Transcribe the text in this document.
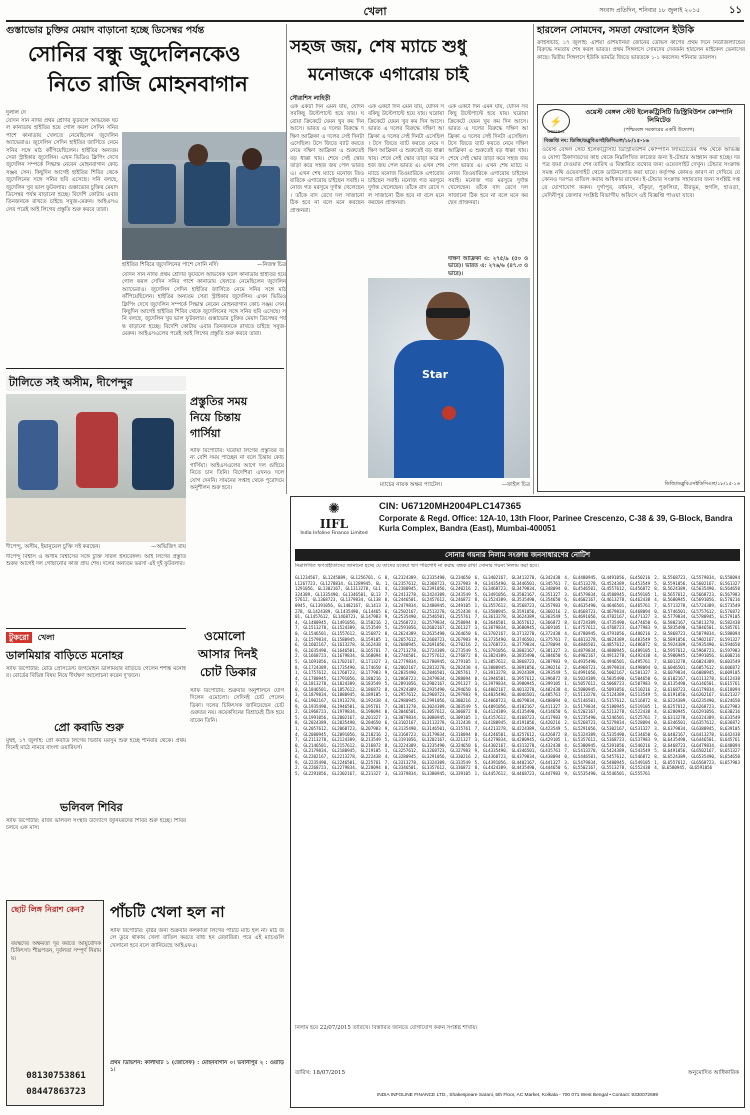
খেলা	সংবাদ প্রতিদিন, শনিবার ১৮ জুলাই ২০১৫	১১
গুস্তাভোর চুক্তির মেয়াদ বাড়ানো হচ্ছে ডিসেম্বর পর্যন্ত
সোনির বন্ধু জুদেলিনকেও
নিতে রাজি মোহনবাগান
দুলাল দে
যেদিন সনি নর্দির প্রথম শ্রেণির ফুটবলে অভিষেক ঘটল কানাডায় হাইতির হয়ে গোল করল সেদিন সনির পাশে কানাডায় খেলতে নেমেছিলেন জুদেলিন অ্যাভেরাও। জুদেলিন সেদিন হাইতির জার্সিতে নেমে সনির সঙ্গে মাঠ কাঁপিয়েছিলেন। হাইতির অন্যতম সেরা স্ট্রাইকার জুদেলিন। এখন ভিডিও ক্লিপিং দেখে জুদেলিন সম্পর্কে সিদ্ধান্ত নেবেন মোহনবাগান কোচ সঞ্জয় সেন। কিছুদিন আগেই হাইতির শিবির থেকে জুদেলিনের সঙ্গে সনির ছবি এসেছে। সনি বলছে, জুদেলিন খুব ভাল ফুটবলার। গুস্তাভোর চুক্তির মেয়াদ ডিসেম্বর পর্যন্ত বাড়ানো হচ্ছে। বিদেশি কোটায় এবার তিনজনকে রাখতে চাইছে সবুজ-মেরুন। আইএসএলের পরেই আই লিগের প্রস্তুতি শুরু করবে তারা।
হাইতির শিবিরে জুদেলিনের পাশে সোনি নর্দি।	—নিজস্ব চিত্র
যেদিন সনি নর্দির প্রথম শ্রেণির ফুটবলে অভিষেক ঘটল কানাডায় হাইতির হয়ে গোল করল সেদিন সনির পাশে কানাডায় খেলতে নেমেছিলেন জুদেলিন অ্যাভেরাও। জুদেলিন সেদিন হাইতির জার্সিতে নেমে সনির সঙ্গে মাঠ কাঁপিয়েছিলেন। হাইতির অন্যতম সেরা স্ট্রাইকার জুদেলিন। এখন ভিডিও ক্লিপিং দেখে জুদেলিন সম্পর্কে সিদ্ধান্ত নেবেন মোহনবাগান কোচ সঞ্জয় সেন। কিছুদিন আগেই হাইতির শিবির থেকে জুদেলিনের সঙ্গে সনির ছবি এসেছে। সনি বলছে, জুদেলিন খুব ভাল ফুটবলার। গুস্তাভোর চুক্তির মেয়াদ ডিসেম্বর পর্যন্ত বাড়ানো হচ্ছে। বিদেশি কোটায় এবার তিনজনকে রাখতে চাইছে সবুজ-মেরুন। আইএসএলের পরেই আই লিগের প্রস্তুতি শুরু করবে তারা।
সহজ জয়, শেষ ম্যাচে শুধু
মনোজকে এগারোয় চাই
সৌরাশিস লাহিড়ী
এক একটা দিন এমন যায়, যেদিন সবকিছু উল্টেপাল্টে হয়ে যায়। ঘরোয়া ক্রিকেটে যেমন খুব কম দিন আসে। ভারত এ দলের বিরুদ্ধে দক্ষিণ আফ্রিকা এ দলের সেই দিনটা এসেছিল। টসে জিতে ব্যাট করতে নেমে দক্ষিণ আফ্রিকা এ শুরুতেই বড় ধাক্কা খায়। শেষে সেই স্কোর তাড়া করে সহজ জয় পেল ভারত এ। এখন শেষ ম্যাচে মনোজ তিওয়ারিকে এগারোয় চাইছেন সবাই। মনোজ গত মরসুমে দুর্দান্ত খেলেছেন। তাঁকে বাদ রেখে দল সাজানো ঠিক হবে না বলে মনে করছেন প্রাক্তনরা।
এক একটা দিন এমন যায়, যেদিন সবকিছু উল্টেপাল্টে হয়ে যায়। ঘরোয়া ক্রিকেটে যেমন খুব কম দিন আসে। ভারত এ দলের বিরুদ্ধে দক্ষিণ আফ্রিকা এ দলের সেই দিনটা এসেছিল। টসে জিতে ব্যাট করতে নেমে দক্ষিণ আফ্রিকা এ শুরুতেই বড় ধাক্কা খায়। শেষে সেই স্কোর তাড়া করে সহজ জয় পেল ভারত এ। এখন শেষ ম্যাচে মনোজ তিওয়ারিকে এগারোয় চাইছেন সবাই। মনোজ গত মরসুমে দুর্দান্ত খেলেছেন। তাঁকে বাদ রেখে দল সাজানো ঠিক হবে না বলে মনে করছেন প্রাক্তনরা।
দক্ষিণ আফ্রিকা এ: ২৭৫/৯ (৫০ ওভারে)। ভারত এ: ২৭৬/৬ (৪৭.৩ ওভারে)।
এক একটা দিন এমন যায়, যেদিন সবকিছু উল্টেপাল্টে হয়ে যায়। ঘরোয়া ক্রিকেটে যেমন খুব কম দিন আসে। ভারত এ দলের বিরুদ্ধে দক্ষিণ আফ্রিকা এ দলের সেই দিনটা এসেছিল। টসে জিতে ব্যাট করতে নেমে দক্ষিণ আফ্রিকা এ শুরুতেই বড় ধাক্কা খায়। শেষে সেই স্কোর তাড়া করে সহজ জয় পেল ভারত এ। এখন শেষ ম্যাচে মনোজ তিওয়ারিকে এগারোয় চাইছেন সবাই। মনোজ গত মরসুমে দুর্দান্ত খেলেছেন। তাঁকে বাদ রেখে দল সাজানো ঠিক হবে না বলে মনে করছেন প্রাক্তনরা।
Star
ম্যাচের নায়ক অক্ষর প্যাটেল।	—ফাইল চিত্র
হারলেন সোমদেব, সমতা ফেরালেন ইউকি
ক্রাইস্টচার্চ, ১৭ জুলাই: এশিয়া ওশিয়ানিয়া জোনের ডেভিস কাপের প্রথম দিনে নিউজিল্যান্ডের বিরুদ্ধে সমতায় শেষ করল ভারত। প্রথম সিঙ্গলসে সোমদেব দেববর্মন হারলেন মাইকেল ভেনাসের কাছে। দ্বিতীয় সিঙ্গলসে ইউকি ভামব্রি জিতে ভারতকে ১-১ করলেন। শনিবার ডাবলস।
⚡
WBSEDCL
ওয়েস্ট বেঙ্গল স্টেট ইলেকট্রিসিটি ডিস্ট্রিবিউশন কোম্পানি লিমিটেড
(পশ্চিমবঙ্গ সরকারের একটি উদ্যোগ)
বিজ্ঞপ্তি নং: ডিজি/ডব্লুবিএসইডিসিএল/১৮/১৫-১৬
ওয়েস্ট বেঙ্গল স্টেট ইলেকট্রিসিটি ডিস্ট্রিবিউশন কোম্পানি লিমিটেডের পক্ষ থেকে অভিজ্ঞ ও যোগ্য ঠিকাদারদের কাছ থেকে নিম্নলিখিত কাজের জন্য ই-টেন্ডার আহ্বান করা হচ্ছে। দরপত্র জমা দেওয়ার শেষ তারিখ ও বিস্তারিত তথ্যের জন্য ওয়েবসাইট দেখুন। টেন্ডার সংক্রান্ত সমস্ত নথি ওয়েবসাইট থেকে ডাউনলোড করা যাবে। কর্তৃপক্ষ কোনও কারণ না দেখিয়ে যে কোনও দরপত্র বাতিল করার অধিকার রাখেন। ই-টেন্ডার সংক্রান্ত সহায়তার জন্য সংশ্লিষ্ট দপ্তরে যোগাযোগ করুন। দুর্গাপুর, বর্ধমান, বাঁকুড়া, পুরুলিয়া, বীরভূম, হুগলি, হাওড়া, মেদিনীপুর জেলার সংশ্লিষ্ট বিভাগীয় অফিসে এই বিজ্ঞপ্তি পাওয়া যাবে।
ডিজি/ডব্লুবিএসইডিসিএল/১৮/১৫-১৬
টালিতে সই অসীম, দীপেন্দুর
দীপেন্দু, অসীম, ইমানুয়েল চুক্তি সই করছেন।	—অভিজিৎ রায়
দীপেন্দু বিশ্বাস ও অসীম বিশ্বাসের সঙ্গে চুক্তি সারল ইস্টবেঙ্গল। আই লিগের প্রস্তুতি শুরুর আগেই দল গোছানোর কাজ প্রায় শেষ। দলের অন্যতম ভরসা এই দুই ফুটবলার।
প্রস্তুতির সময়
নিয়ে চিন্তায়
গার্সিয়া
স্টাফ রিপোর্টার: ঘরোয়া লিগের প্রস্তুতির জন্য বেশি সময় পাচ্ছেন না বলে চিন্তায় কোচ গার্সিয়া। আইএসএলের আগে দল গুছিয়ে নিতে চান তিনি। বিদেশিরা এখনও দলে যোগ দেননি। সামনের সপ্তাহ থেকে পুরোদমে অনুশীলন শুরু হবে।
টুকরো খেলা
ডালমিয়ার বাড়িতে মনোহর
স্টাফ রিপোর্টার: বোর্ড প্রেসিডেন্ট জগমোহন ডালমিয়ার বাড়িতে গেলেন শশাঙ্ক মনোহর। বোর্ডের বিভিন্ন বিষয় নিয়ে দীর্ঘক্ষণ আলোচনা করেন দু'জনে।
প্রো কবাডি শুরু
মুম্বই, ১৭ জুলাই: প্রো কবাডি লিগের দ্বিতীয় মরসুম শুরু হচ্ছে শনিবার থেকে। প্রথম দিনেই মাঠে নামবে বাংলা ওয়ারিয়র্স।
ভলিবল শিবির
স্টাফ রিপোর্টার: রাজ্য ভলিবল সংস্থার উদ্যোগে জুনিয়রদের শিবির শুরু হচ্ছে। শিবির চলবে এক মাস।
ওমোলো
আসার দিনই
চোট ডিকার
স্টাফ রিপোর্টার: শুক্রবার অনুশীলনে যোগ দিলেন ওমোলো। সেদিনই চোট পেলেন ডিকা। দলের চিকিৎসক জানিয়েছেন চোট গুরুতর নয়। কয়েকদিনের বিশ্রামেই ঠিক হয়ে যাবেন তিনি।
ছোট লিঙ্গ নিরাশ কেন?
বয়স্কদের অক্ষমতা দূর করতে আয়ুর্বেদিক চিকিৎসা। শীঘ্রপতন, দুর্বলতা সম্পূর্ণ নিরাময়।
08130753861
08447863723
পাঁচটি খেলা হল না
স্টাফ রিপোর্টার: বৃষ্টির জন্য শুক্রবার কলকাতা লিগের পাঁচটি ম্যাচ হল না। মাঠ জলে ডুবে থাকায় খেলা বাতিল করতে বাধ্য হন রেফারিরা। পরে এই ম্যাচগুলি খেলানো হবে বলে জানিয়েছে আইএফএ।
প্রথম ডিভিশন: কালীঘাট ১ (জোসেফ) : মোহনবাগান ০। ভবানীপুর ২ : ওয়াড়ি ১।
✺
IIFL
India Infoline Finance Limited
CIN: U67120MH2004PLC147365
Corporate & Regd. Office: 12A-10, 13th Floor, Parinee Crescenzo, C-38 & 39, G-Block, Bandra Kurla Complex, Bandra (East), Mumbai-400051
সোনার গয়নার নিলাম সংক্রান্ত জনসাধারণের নোটিশ
নিম্নলিখিত ঋণগ্রহীতাদের জানানো হচ্ছে যে তাদের বকেয়া ঋণ পরিশোধ না করায় বন্ধক রাখা সোনার গয়না নিলাম করা হবে।
GL1234567, GL1245889, GL1256701, GL1267723, GL1278834, GL1289945, GL1291056, GL1302167, GL1313278, GL1324389, GL1335490, GL1346501, GL1357612, GL1368723, GL1379834, GL1380945, GL1391056, GL1402167, GL1413278, GL1424389, GL1435490, GL1446501, GL1457612, GL1468723, GL1479834, GL1480945, GL1491056, GL1502167, GL1513278, GL1524389, GL1535490, GL1546501, GL1557612, GL1568723, GL1579834, GL1580945, GL1591056, GL1602167, GL1613278, GL1624389, GL1635490, GL1646501, GL1657612, GL1668723, GL1679834, GL1680945, GL1691056, GL1702167, GL1713278, GL1724389, GL1735490, GL1746501, GL1757612, GL1768723, GL1779834, GL1780945, GL1791056, GL1802167, GL1813278, GL1824389, GL1835490, GL1846501, GL1857612, GL1868723, GL1879834, GL1880945, GL1891056, GL1902167, GL1913278, GL1924389, GL1935490, GL1946501, GL1957612, GL1968723, GL1979834, GL1980945, GL1991056, GL2002167, GL2013278, GL2024389, GL2035490, GL2046501, GL2057612, GL2068723, GL2079834, GL2080945, GL2091056, GL2102167, GL2113278, GL2124389, GL2135490, GL2146501, GL2157612, GL2168723, GL2179834, GL2180945, GL2191056, GL2202167, GL2213278, GL2224389, GL2235490, GL2246501, GL2257612, GL2268723, GL2279834, GL2280945, GL2291056, GL2302167, GL2313278, GL2324389, GL2335490, GL2346501, GL2357612, GL2368723, GL2379834, GL2380945, GL2391056, GL2402167, GL2413278, GL2424389, GL2435490, GL2446501, GL2457612, GL2468723, GL2479834, GL2480945, GL2491056, GL2502167, GL2513278, GL2524389, GL2535490, GL2546501, GL2557612, GL2568723, GL2579834, GL2580945, GL2591056, GL2602167, GL2613278, GL2624389, GL2635490, GL2646501, GL2657612, GL2668723, GL2679834, GL2680945, GL2691056, GL2702167, GL2713278, GL2724389, GL2735490, GL2746501, GL2757612, GL2768723, GL2779834, GL2780945, GL2791056, GL2802167, GL2813278, GL2824389, GL2835490, GL2846501, GL2857612, GL2868723, GL2879834, GL2880945, GL2891056, GL2902167, GL2913278, GL2924389, GL2935490, GL2946501, GL2957612, GL2968723, GL2979834, GL2980945, GL2991056, GL3002167, GL3013278, GL3024389, GL3035490, GL3046501, GL3057612, GL3068723, GL3079834, GL3080945, GL3091056, GL3102167, GL3113278, GL3124389, GL3135490, GL3146501, GL3157612, GL3168723, GL3179834, GL3180945, GL3191056, GL3202167, GL3213278, GL3224389, GL3235490, GL3246501, GL3257612, GL3268723, GL3279834, GL3280945, GL3291056, GL3302167, GL3313278, GL3324389, GL3335490, GL3346501, GL3357612, GL3368723, GL3379834, GL3380945, GL3391056, GL3402167, GL3413278, GL3424389, GL3435490, GL3446501, GL3457612, GL3468723, GL3479834, GL3480945, GL3491056, GL3502167, GL3513278, GL3524389, GL3535490, GL3546501, GL3557612, GL3568723, GL3579834, GL3580945, GL3591056, GL3602167, GL3613278, GL3624389, GL3635490, GL3646501, GL3657612, GL3668723, GL3679834, GL3680945, GL3691056, GL3702167, GL3713278, GL3724389, GL3735490, GL3746501, GL3757612, GL3768723, GL3779834, GL3780945, GL3791056, GL3802167, GL3813278, GL3824389, GL3835490, GL3846501, GL3857612, GL3868723, GL3879834, GL3880945, GL3891056, GL3902167, GL3913278, GL3924389, GL3935490, GL3946501, GL3957612, GL3968723, GL3979834, GL3980945, GL3991056, GL4002167, GL4013278, GL4024389, GL4035490, GL4046501, GL4057612, GL4068723, GL4079834, GL4080945, GL4091056, GL4102167, GL4113278, GL4124389, GL4135490, GL4146501, GL4157612, GL4168723, GL4179834, GL4180945, GL4191056, GL4202167, GL4213278, GL4224389, GL4235490, GL4246501, GL4257612, GL4268723, GL4279834, GL4280945, GL4291056, GL4302167, GL4313278, GL4324389, GL4335490, GL4346501, GL4357612, GL4368723, GL4379834, GL4380945, GL4391056, GL4402167, GL4413278, GL4424389, GL4435490, GL4446501, GL4457612, GL4468723, GL4479834, GL4480945, GL4491056, GL4502167, GL4513278, GL4524389, GL4535490, GL4546501, GL4557612, GL4568723, GL4579834, GL4580945, GL4591056, GL4602167, GL4613278, GL4624389, GL4635490, GL4646501, GL4657612, GL4668723, GL4679834, GL4680945, GL4691056, GL4702167, GL4713278, GL4724389, GL4735490, GL4746501, GL4757612, GL4768723, GL4779834, GL4780945, GL4791056, GL4802167, GL4813278, GL4824389, GL4835490, GL4846501, GL4857612, GL4868723, GL4879834, GL4880945, GL4891056, GL4902167, GL4913278, GL4924389, GL4935490, GL4946501, GL4957612, GL4968723, GL4979834, GL4980945, GL4991056, GL5002167, GL5013278, GL5024389, GL5035490, GL5046501, GL5057612, GL5068723, GL5079834, GL5080945, GL5091056, GL5102167, GL5113278, GL5124389, GL5135490, GL5146501, GL5157612, GL5168723, GL5179834, GL5180945, GL5191056, GL5202167, GL5213278, GL5224389, GL5235490, GL5246501, GL5257612, GL5268723, GL5279834, GL5280945, GL5291056, GL5302167, GL5313278, GL5324389, GL5335490, GL5346501, GL5357612, GL5368723, GL5379834, GL5380945, GL5391056, GL5402167, GL5413278, GL5424389, GL5435490, GL5446501, GL5457612, GL5468723, GL5479834, GL5480945, GL5491056, GL5502167, GL5513278, GL5524389, GL5535490, GL5546501, GL5557612, GL5568723, GL5579834, GL5580945, GL5591056, GL5602167, GL5613278, GL5624389, GL5635490, GL5646501, GL5657612, GL5668723, GL5679834, GL5680945, GL5691056, GL5702167, GL5713278, GL5724389, GL5735490, GL5746501, GL5757612, GL5768723, GL5779834, GL5780945, GL5791056, GL5802167, GL5813278, GL5824389, GL5835490, GL5846501, GL5857612, GL5868723, GL5879834, GL5880945, GL5891056, GL5902167, GL5913278, GL5924389, GL5935490, GL5946501, GL5957612, GL5968723, GL5979834, GL5980945, GL5991056, GL6002167, GL6013278, GL6024389, GL6035490, GL6046501, GL6057612, GL6068723, GL6079834, GL6080945, GL6091056, GL6102167, GL6113278, GL6124389, GL6135490, GL6146501, GL6157612, GL6168723, GL6179834, GL6180945, GL6191056, GL6202167, GL6213278, GL6224389, GL6235490, GL6246501, GL6257612, GL6268723, GL6279834, GL6280945, GL6291056, GL6302167, GL6313278, GL6324389, GL6335490, GL6346501, GL6357612, GL6368723, GL6379834, GL6380945, GL6391056, GL6402167, GL6413278, GL6424389, GL6435490, GL6446501, GL6457612, GL6468723, GL6479834, GL6480945, GL6491056, GL6502167, GL6513278, GL6524389, GL6535490, GL6546501, GL6557612, GL6568723, GL6579834, GL6580945, GL6591056
নিলাম হবে 22/07/2015 তারিখে। বিস্তারিত জানতে যোগাযোগ করুন সংশ্লিষ্ট শাখায়।
তারিখ: 18/07/2015	অনুমোদিত আধিকারিক
INDIA INFOLINE FINANCE LTD., Shakespeare Sarani, 5th Floor, AC Market, Kolkata - 700 071 West Bengal • Contact: 9330072689
